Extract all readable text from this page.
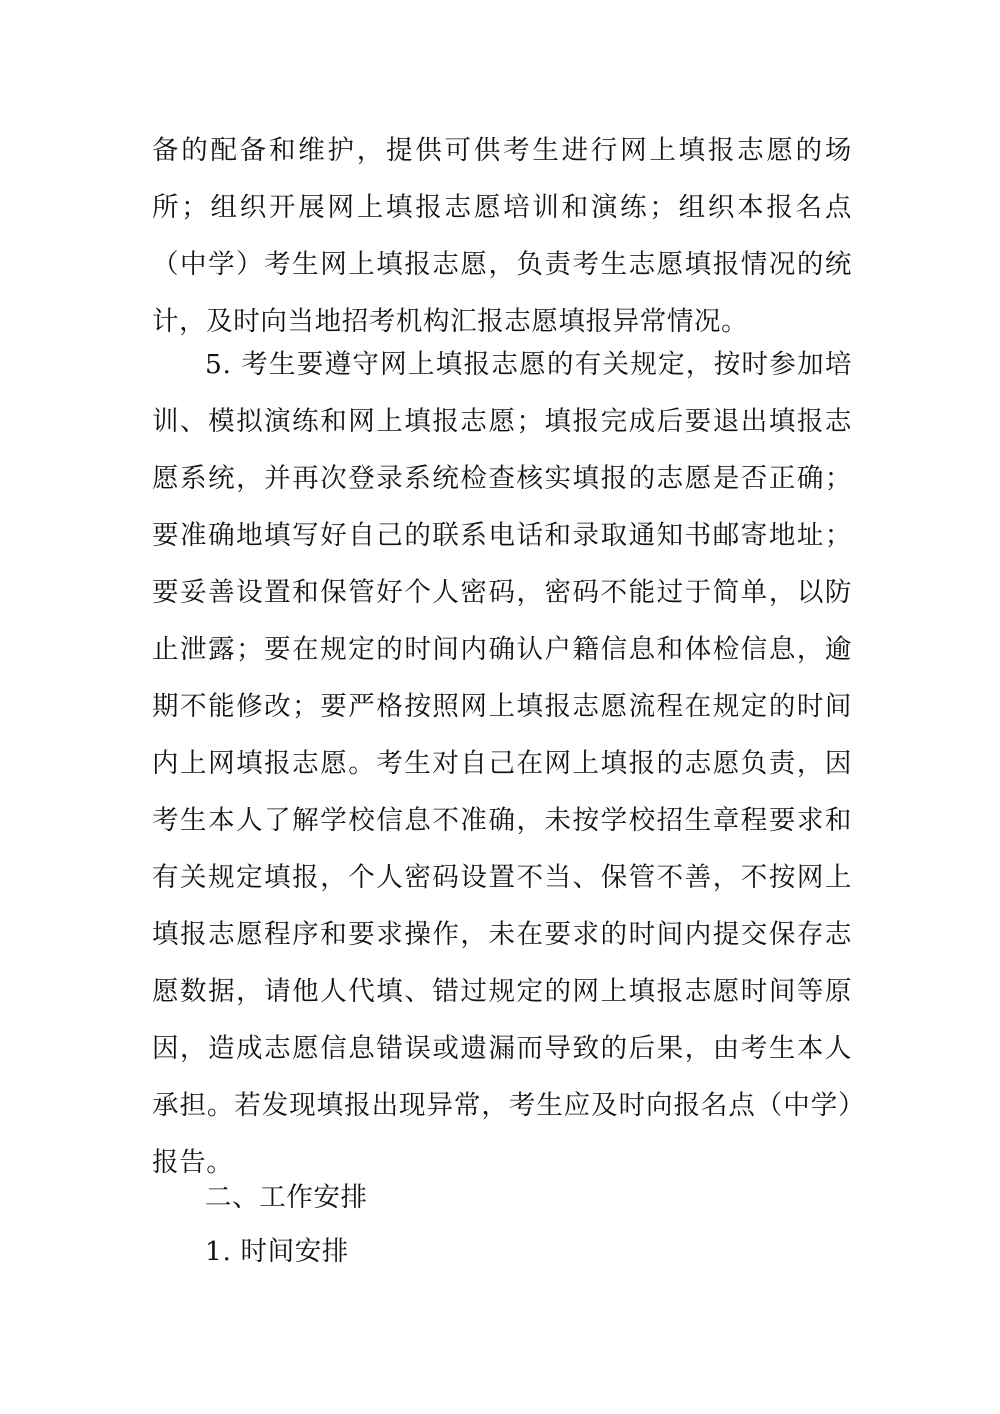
备的配备和维护，提供可供考生进行网上填报志愿的场所；组织开展网上填报志愿培训和演练；组织本报名点（中学）考生网上填报志愿，负责考生志愿填报情况的统计，及时向当地招考机构汇报志愿填报异常情况。

5. 考生要遵守网上填报志愿的有关规定，按时参加培训、模拟演练和网上填报志愿；填报完成后要退出填报志愿系统，并再次登录系统检查核实填报的志愿是否正确；要准确地填写好自己的联系电话和录取通知书邮寄地址；要妥善设置和保管好个人密码，密码不能过于简单，以防止泄露；要在规定的时间内确认户籍信息和体检信息，逾期不能修改；要严格按照网上填报志愿流程在规定的时间内上网填报志愿。考生对自己在网上填报的志愿负责，因考生本人了解学校信息不准确，未按学校招生章程要求和有关规定填报，个人密码设置不当、保管不善，不按网上填报志愿程序和要求操作，未在要求的时间内提交保存志愿数据，请他人代填、错过规定的网上填报志愿时间等原因，造成志愿信息错误或遗漏而导致的后果，由考生本人承担。若发现填报出现异常，考生应及时向报名点（中学）报告。

二、工作安排
1. 时间安排
